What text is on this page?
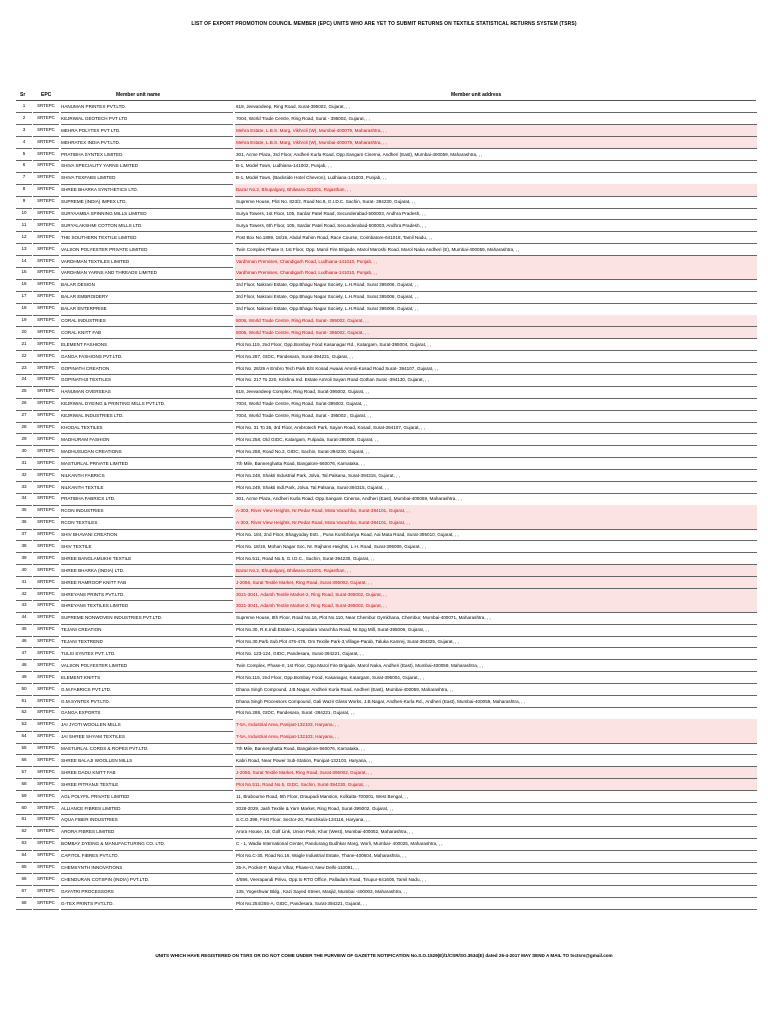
LIST OF EXPORT PROMOTION COUNCIL MEMBER (EPC) UNITS WHO ARE YET TO SUBMIT RETURNS ON TEXTILE STATISTICAL RETURNS SYSTEM (TSRS)
Sr	EPC	Member unit name	Member unit address
1	SRTEPC	HANUMAN PRINTEX PVT.LTD.	618, Jeevandeep, Ring Road, Surat-395002, Gujarat, , ,
2	SRTEPC	KEJRIWAL GEOTECH PVT LTD	7004, World Trade Centre, Ring Road, Surat - 395002, Gujarat, , ,
3	SRTEPC	MEHRA POLYTEX PVT LTD.	Mehra Estate, L.B.S. Marg, Vikhroli (W), Mumbai-400079, Maharashtra, , ,
4	SRTEPC	MEHRATEX INDIA PVT.LTD.	Mehra Estate, L.B.S. Marg, Vikhroli (W), Mumbai-400079, Maharashtra, , ,
5	SRTEPC	PRATIBHA SYNTEX LIMITED	301, Acme Plaza, 3rd Floor, Andheri Kurla Road, Opp.Sangam Cinema, Andheri (East), Mumbai-400059, Maharashtra, , ,
6	SRTEPC	SHIVA SPECIALITY YARNS LIMITED	B-1, Model Town, Ludhiana-141002, Punjab, , ,
7	SRTEPC	SHIVA TEXFABS LIMITED	B-1, Model Town, (Backside Hotel Chevron), Ludhiana-141003, Punjab, , ,
8	SRTEPC	SHREE BHARKA SYNTHETICS LTD.	Bazar No.2, Bhupalganj, Bhilwara-311001, Rajasthan, , ,
9	SRTEPC	SUPREME (INDIA) IMPEX LTD.	Supreme House, Plot No. 823/2, Road No.8, G.I.D.C. Sachin, Surat- 394230, Gujarat, , ,
10	SRTEPC	SURYAAMBA SPINNING MILLS LIMITED	Surya Towers, 1st Floor, 105, Sardar Patel Road, Secunderabad-500003, Andhra Pradesh, , ,
11	SRTEPC	SURYALAKSHMI COTTON MILLS LTD.	Surya Towers, 6th Floor, 105, Sardar Patel Road, Secunderabad-500003, Andhra Pradesh, , ,
12	SRTEPC	THE SOUTHERN TEXTILE LIMITED	Post Box No.1899, 18/19, Abdul Rahim Road, Race Course, Coimbatore-641018, Tamil Nadu, , ,
13	SRTEPC	VALSON POLYESTER PRIVATE LIMITED	Twin Complex Phase II, 1st Floor, Opp. Marol Fire Brigade, Marol Maroshi Road, Marol Naka Andheri (E), Mumbai-400059, Maharashtra, , ,
14	SRTEPC	VARDHMAN TEXTILES LIMITED	Vardhman Premises, Chandigarh Road, Ludhiana-141010, Punjab, , ,
15	SRTEPC	VARDHMAN YARNS AND THREADS LIMITED	Vardhman Premises, Chandigarh Road, Ludhiana-141010, Punjab, , ,
16	SRTEPC	BALAR DESIGN	3rd Floor, Nakrani Estate, Opp.Bhagu Nagar Society, L.H.Road, Surat 395006, Gujarat, , ,
17	SRTEPC	BALAR EMBROIDERY	3rd Floor, Nakrani Estate, Opp.Bhagu Nagar Society, L.H.Road, Surat 395006, Gujarat, , ,
18	SRTEPC	BALAR ENTERPRISE	3rd Floor, Nakrani Estate, Opp.Bhagu Nagar Society, L.H.Road, Surat 395006, Gujarat, , ,
19	SRTEPC	CORAL INDUSTRIES	8006, World Trade Centre, Ring Road, Surat- 395002, Gujarat, , ,
20	SRTEPC	CORAL KNITT FAB	8006, World Trade Centre, Ring Road, Surat- 395002, Gujarat, , ,
21	SRTEPC	ELEMENT FASHIONS	Plot No.115, 2nd Floor, Opp.Bombay Food Kasanagar Rd., Katargam, Surat-395004, Gujarat, , ,
22	SRTEPC	GANGA FASHIONS PVT.LTD.	Plot No.287, GIDC, Pandesara, Surat-394221, Gujarat, , ,
23	SRTEPC	GOPINATH CREATION	Plot No. 28/29 A Embro Tech Park B/S Kosad Awaas Amroli-Kosad Road Surat- 394107, Gujarat, , ,
24	SRTEPC	GOPINATHJI TEXTILES	Plot No. 217 To 220, Krishna Ind. Estate Amroli Sayan Road Gothan Surat -394130, Gujarat, , ,
25	SRTEPC	HANUMAN OVERSEAS	618, Jeevandeep Complex, Ring Road, Surat-395002, Gujarat, , ,
26	SRTEPC	KEJRIWAL DYEING & PRINTING MILLS PVT.LTD.	7004, World Trade Centre, Ring Road, Surat-395002, Gujarat, , ,
27	SRTEPC	KEJRIWAL INDUSTRIES LTD.	7004, World Trade Centre, Ring Road, Surat - 395002 , Gujarat, , ,
28	SRTEPC	KHODAL TEXTILES	Plot No. 31 To 36, 3rd Floor, Ambrotech Park, Sayan Road, Kosad, Surat-394107, Gujarat, , ,
29	SRTEPC	MADHURAM FASHION	Plot No.258, Old GIDC, Katargam, Fulpada, Surat-395008, Gujarat, , ,
30	SRTEPC	MADHUSUDAN CREATIONS	Plot No.258, Road No.2, GIDC, Sachin, Surat-394230, Gujarat, , ,
31	SRTEPC	MASTURLAL PRIVATE LIMITED	7th Mile, Bannerghatta Road, Bangalore-560076, Karnataka, , ,
32	SRTEPC	NILKANTH FABRICS	Plot No.248, Shakti Industrial Park, Jolva, Tal.Palsana, Surat-394315, Gujarat, , ,
33	SRTEPC	NILKANTH TEXTILE	Plot No.249, Shakti Indl.Park, Jolva, Tal.Palsana, Surat-394315, Gujarat, , ,
34	SRTEPC	PRATIBHA FABRICS LTD.	301, Acme Plaza, Andheri Kurla Road, Opp.Sangam Cinema, Andheri (East), Mumbai-400059, Maharashtra, , ,
35	SRTEPC	RCON INDUSTRIES	A-303, River View Heights, Nr.Pedar Road, Mota Varachha, Surat-394101, Gujarat, , ,
36	SRTEPC	RCON TEXTILES	A-303, River View Heights, Nr.Pedar Road, Mota Varachha, Surat-394101, Gujarat, , ,
37	SRTEPC	SHIV BHAVANI CREATION	Plot No. 184, 2nd Floor, Bhagyoday Estt. , Puna Kumbhariya Road, Aai Mata Road, Surat-395010, Gujarat, , ,
38	SRTEPC	SHIV TEXTILE	Plot No. 18/19, Mohan Nagar Soc, Nr. Rajhans Heights, L.H. Road, Surat-395006, Gujarat, , ,
39	SRTEPC	SHREE BANGLAMUKHI TEXTILE	Plot No.511, Road No.5, G.I.D.C., Sachin, Surat-394230, Gujarat, , ,
40	SRTEPC	SHREE BHARKA (INDIA) LTD.	Bazar No.2, Bhupalganj, Bhilwara-311001, Rajasthan, , ,
41	SRTEPC	SHREE RAMROOP KNITT FAB	J-2056, Surat Textile Market, Ring Road, Surat-395002, Gujarat, , ,
42	SRTEPC	SHREYANS PRINTS PVT.LTD.	3021-3041, Adarsh Textile Market-2, Ring Road, Surat-395002, Gujarat, , ,
43	SRTEPC	SHREYANS TEXTILES LIMITED	3021-3041, Adarsh Textile Market-2, Ring Road, Surat-395002, Gujarat, , ,
44	SRTEPC	SUPREME NONWOVEN INDUSTRIES PVT.LTD.	Supreme House, 8th Floor, Road No.16, Plot No.110, Near Chembur Gymkhana, Chembur, Mumbai-400071, Maharashtra, , ,
45	SRTEPC	TEJANI CREATION	Plot No.30, R.K.Indl.Estate-1, Kapodara Varachha Road, Nr.Spg Mill, Surat-395006, Gujarat, , ,
46	SRTEPC	TEJANI TEXTREND	Plot No.30,Parb Sub Plot 475-476, Om Textile Park-3,Village-Parab, Taluka Kamrej, Surat-394325, Gujarat, , ,
47	SRTEPC	TULSI SYNTEX PVT. LTD.	Plot No. 123-124, GIDC, Pandesara, Surat-394221, Gujarat, , ,
48	SRTEPC	VALSON POLYESTER LIMITED	Twin Complex, Phase-II, 1st Floor, Opp.Marol Fire Brigade, Marol Naka, Andheri (East), Mumbai-400059, Maharashtra, , ,
49	SRTEPC	ELEMENT KNITTS	Plot No.115, 2nd Floor, Opp.Bombay Food, Kasanagar, Katargam, Surat-395004, Gujarat, , ,
50	SRTEPC	G.M.FABRICS PVT.LTD.	Dhana Singh Compound, J.B.Nagar, Andheri Kurla Road, Andheri (East), Mumbai-400059, Maharashtra, , ,
51	SRTEPC	G.M.SYNTEX PVT.LTD.	Dhana Singh Processors Compound, Gali Wazir Glass Works, J.B.Nagar, Andheri-Kurla Rd., Andheri (East), Mumbai-400059, Maharashtra, , ,
52	SRTEPC	GANGA EXPORTS	Plot No.288, GIDC, Pandesara, Surat -394221, Gujarat, , ,
53	SRTEPC	JAI JYOTI WOOLLEN MILLS	T-5A, Industrial Area, Panipat-132103, Haryana, , ,
54	SRTEPC	JAI SHREE SHYAM TEXTILES	T-5A, Industrial Area, Panipat-132103, Haryana, , ,
55	SRTEPC	MASTURLAL CORDS & ROPES PVT.LTD.	7th Mile, Bannerghatta Road, Bangalore-560076, Karnataka, , ,
56	SRTEPC	SHREE BALAJI WOOLLEN MILLS	Kabri Road, Near Power Sub-Station, Panipat-132103, Haryana, , ,
57	SRTEPC	SHREE DADU KNITT FAB	J-2056, Surat Textile Market, Ring Road, Surat-395002, Gujarat, , ,
58	SRTEPC	SHREE PITRANJI TEXTILE	Plot No.511, Road No.5, GIDC, Sachin, Surat-394230, Gujarat, , ,
59	SRTEPC	AGL POLYFIL PRIVATE LIMITED	11, Brabourne Road, 5th Floor, Draupadi Mansion, Kolkatta-700001, West Bengal, , ,
60	SRTEPC	ALLIANCE FIBRES LIMITED	2028-2029, Jash Textile & Yarn Market, Ring Road, Surat-395002, Gujarat, , ,
61	SRTEPC	AQUA FIBER INDUSTRIES	S.C.O.398, First Floor, Sector-20, Panchkula-134116, Haryana, , ,
62	SRTEPC	ARORA FIBRES LIMITED	Arora House, 16, Golf Link, Union Park, Khar (West), Mumbai-400052, Maharashtra, , ,
63	SRTEPC	BOMBAY DYEING & MANUFACTURING CO. LTD.	C - 1, Wadia International Center, Pandurang Budhkar Marg, Worli, Mumbai- 400025, Maharashtra, , ,
64	SRTEPC	CAPITOL FIBRES PVT.LTD.	Plot No.C-30, Road No.16, Wagle Industrial Estate, Thane-400604, Maharashtra, , ,
65	SRTEPC	CHEMSYNTH INNOVATIONS	25-A, Pocket-F, Mayur Vihar, Phase-II, New Delhi-110091, , ,
66	SRTEPC	CHENDURAN COTSPIN (INDIA) PVT.LTD.	4/596, Veerapandi Pirivu, Opp.to RTO Office, Palladam Road, Tirupur-641605, Tamil Nadu, , ,
67	SRTEPC	GAYATRI PROCESSORS	135, Yogeshwar Bldg., Kazi Sayed Street, Masjid, Mumbai -400003, Maharashtra, , ,
68	SRTEPC	G-TEX PRINTS PVT.LTD.	Plot No.254/255-A, GIDC, Pandesara, Surat-394221, Gujarat, , ,
UNITS WHICH HAVE REGISTERED ON TSRS OR DO NOT COME UNDER THE PURVIEW OF GAZETTE NOTIFICATION No.S.O.1529(E)/1/CSR/SO.3534(E) dated 26-4-2017 MAY SEND A MAIL TO tsctsrs@gmail.com
